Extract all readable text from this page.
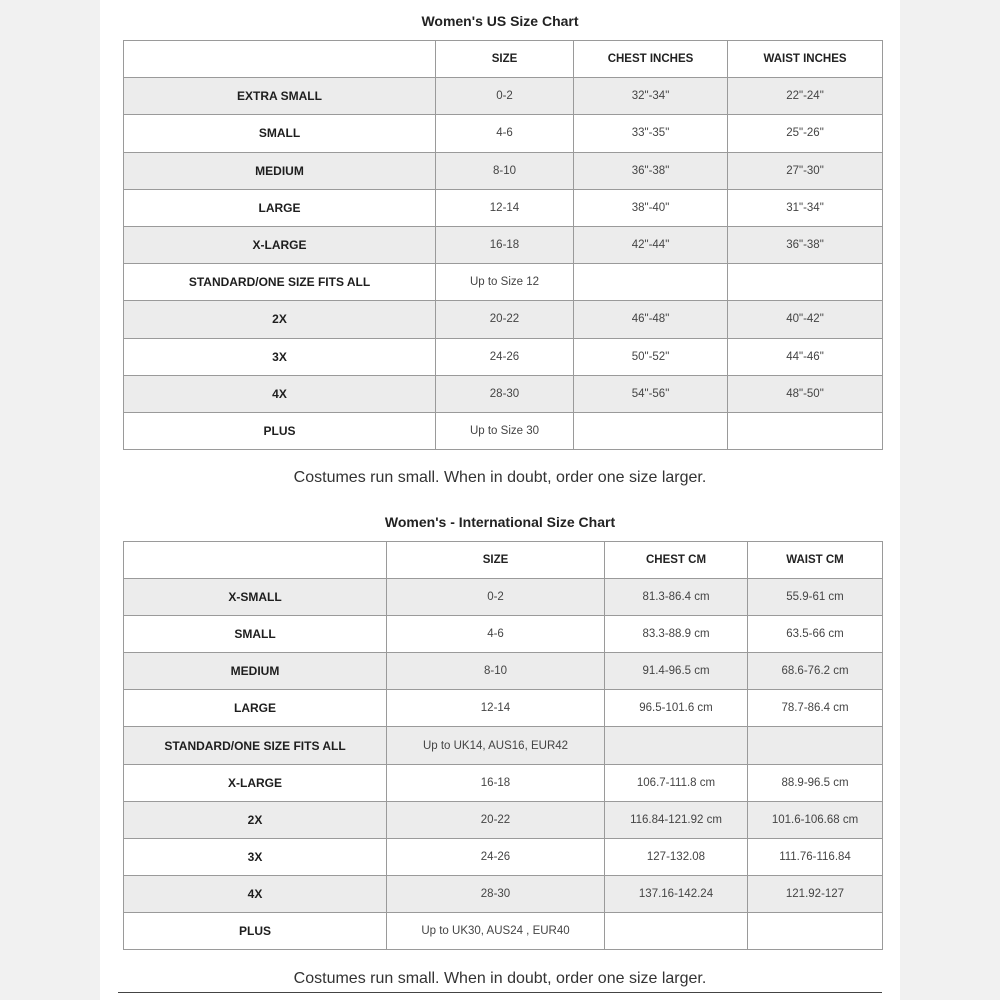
Women's US Size Chart
	SIZE	CHEST INCHES	WAIST INCHES
EXTRA SMALL	0-2	32"-34"	22"-24"
SMALL	4-6	33"-35"	25"-26"
MEDIUM	8-10	36"-38"	27"-30"
LARGE	12-14	38"-40"	31"-34"
X-LARGE	16-18	42"-44"	36"-38"
STANDARD/ONE SIZE FITS ALL	Up to Size 12		
2X	20-22	46"-48"	40"-42"
3X	24-26	50"-52"	44"-46"
4X	28-30	54"-56"	48"-50"
PLUS	Up to Size 30		
Costumes run small. When in doubt, order one size larger.
Women's - International Size Chart
	SIZE	CHEST CM	WAIST CM
X-SMALL	0-2	81.3-86.4 cm	55.9-61 cm
SMALL	4-6	83.3-88.9 cm	63.5-66 cm
MEDIUM	8-10	91.4-96.5 cm	68.6-76.2 cm
LARGE	12-14	96.5-101.6 cm	78.7-86.4 cm
STANDARD/ONE SIZE FITS ALL	Up to UK14, AUS16, EUR42		
X-LARGE	16-18	106.7-111.8 cm	88.9-96.5 cm
2X	20-22	116.84-121.92 cm	101.6-106.68 cm
3X	24-26	127-132.08	111.76-116.84
4X	28-30	137.16-142.24	121.92-127
PLUS	Up to UK30, AUS24 , EUR40		
Costumes run small. When in doubt, order one size larger.
